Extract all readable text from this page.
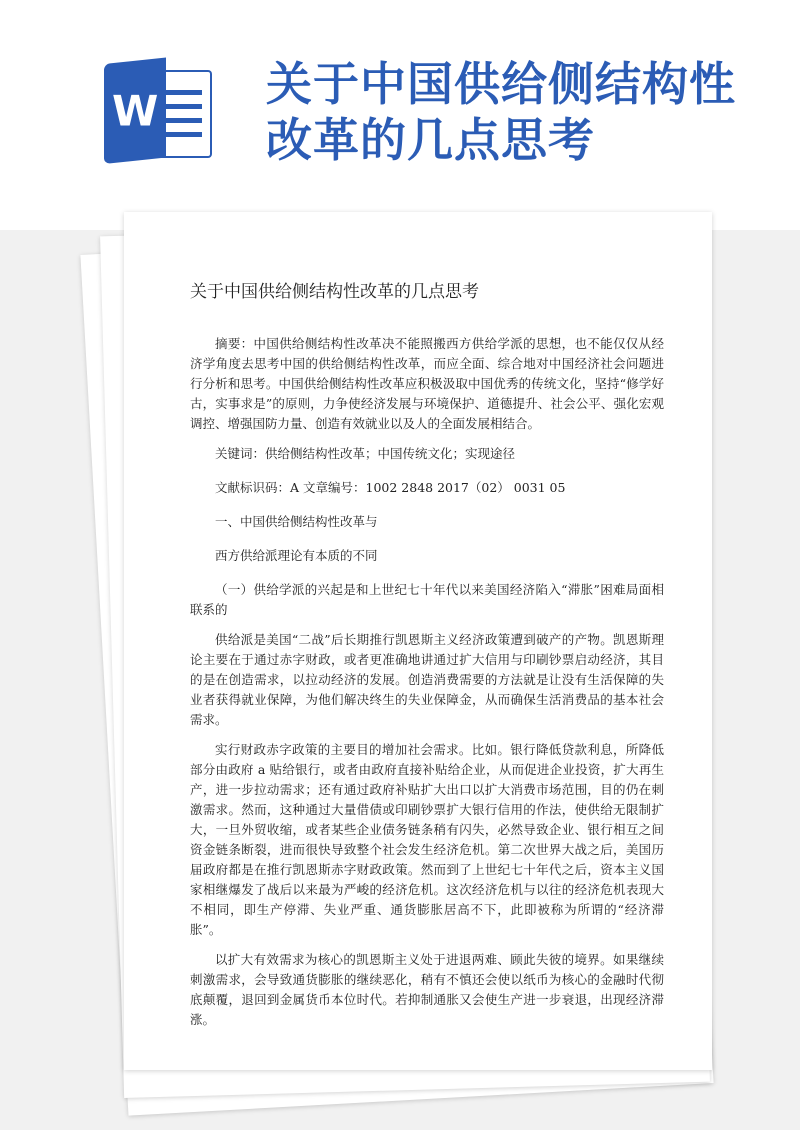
W 关于中国供给侧结构性
改革的几点思考
关于中国供给侧结构性改革的几点思考

摘要：中国供给侧结构性改革决不能照搬西方供给学派的思想，也不能仅仅从经济学角度去思考中国的供给侧结构性改革，而应全面、综合地对中国经济社会问题进行分析和思考。中国供给侧结构性改革应积极汲取中国优秀的传统文化，坚持“修学好古，实事求是”的原则，力争使经济发展与环境保护、道德提升、社会公平、强化宏观调控、增强国防力量、创造有效就业以及人的全面发展相结合。

关键词：供给侧结构性改革；中国传统文化；实现途径

文献标识码：A 文章编号：1002 2848 2017（02） 0031 05

一、中国供给侧结构性改革与

西方供给派理论有本质的不同

（一）供给学派的兴起是和上世纪七十年代以来美国经济陷入“滞胀”困难局面相联系的

供给派是美国“二战”后长期推行凯恩斯主义经济政策遭到破产的产物。凯恩斯理论主要在于通过赤字财政，或者更准确地讲通过扩大信用与印刷钞票启动经济，其目的是在创造需求，以拉动经济的发展。创造消费需要的方法就是让没有生活保障的失业者获得就业保障，为他们解决终生的失业保障金，从而确保生活消费品的基本社会需求。

实行财政赤字政策的主要目的增加社会需求。比如。银行降低贷款利息，所降低部分由政府 a 贴给银行，或者由政府直接补贴给企业，从而促进企业投资，扩大再生产，进一步拉动需求；还有通过政府补贴扩大出口以扩大消费市场范围，目的仍在刺激需求。然而，这种通过大量借债或印刷钞票扩大银行信用的作法，使供给无限制扩大，一旦外贸收缩，或者某些企业债务链条稍有闪失，必然导致企业、银行相互之间资金链条断裂，进而很快导致整个社会发生经济危机。第二次世界大战之后，美国历届政府都是在推行凯恩斯赤字财政政策。然而到了上世纪七十年代之后，资本主义国家相继爆发了战后以来最为严峻的经济危机。这次经济危机与以往的经济危机表现大不相同，即生产停滞、失业严重、通货膨胀居高不下，此即被称为所谓的“经济滞胀”。

以扩大有效需求为核心的凯恩斯主义处于进退两难、顾此失彼的境界。如果继续刺激需求，会导致通货膨胀的继续恶化，稍有不慎还会使以纸币为核心的金融时代彻底颠覆，退回到金属货币本位时代。若抑制通胀又会使生产进一步衰退，出现经济滞涨。
